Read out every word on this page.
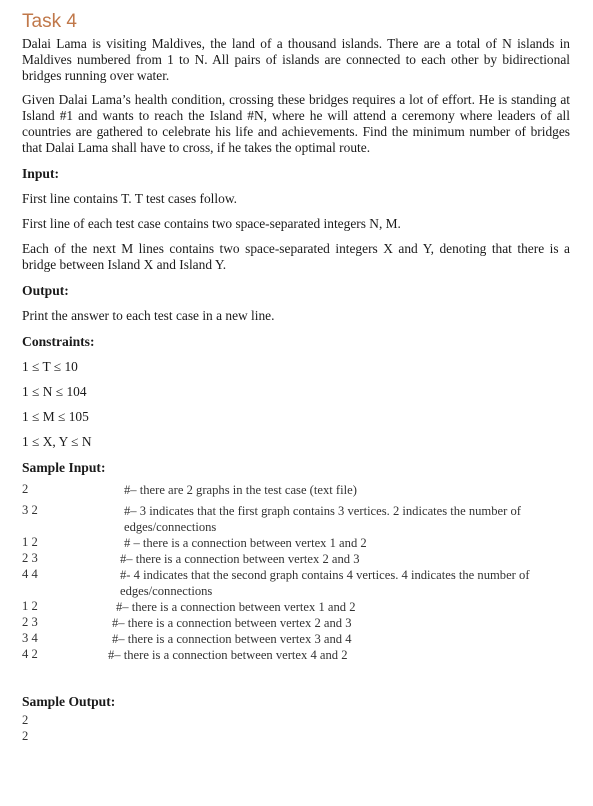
Task 4

Dalai Lama is visiting Maldives, the land of a thousand islands. There are a total of N islands in Maldives numbered from 1 to N. All pairs of islands are connected to each other by bidirectional bridges running over water.

Given Dalai Lama’s health condition, crossing these bridges requires a lot of effort. He is standing at Island #1 and wants to reach the Island #N, where he will attend a ceremony where leaders of all countries are gathered to celebrate his life and achievements. Find the minimum number of bridges that Dalai Lama shall have to cross, if he takes the optimal route.

Input:
First line contains T. T test cases follow.
First line of each test case contains two space-separated integers N, M.
Each of the next M lines contains two space-separated integers X and Y, denoting that there is a bridge between Island X and Island Y.
Output:
Print the answer to each test case in a new line.
Constraints:
1 ≤ T ≤ 10
1 ≤ N ≤ 104
1 ≤ M ≤ 105
1 ≤ X, Y ≤ N
Sample Input:
2	#– there are 2 graphs in the test case (text file)
3 2	#– 3 indicates that the first graph contains 3 vertices. 2 indicates the number of edges/connections
1 2	# – there is a connection between vertex 1 and 2
2 3	#– there is a connection between vertex 2 and 3
4 4	#- 4 indicates that the second graph contains 4 vertices. 4 indicates the number of edges/connections
1 2	#– there is a connection between vertex 1 and 2
2 3	#– there is a connection between vertex 2 and 3
3 4	#– there is a connection between vertex 3 and 4
4 2	#– there is a connection between vertex 4 and 2
Sample Output:
2
2
